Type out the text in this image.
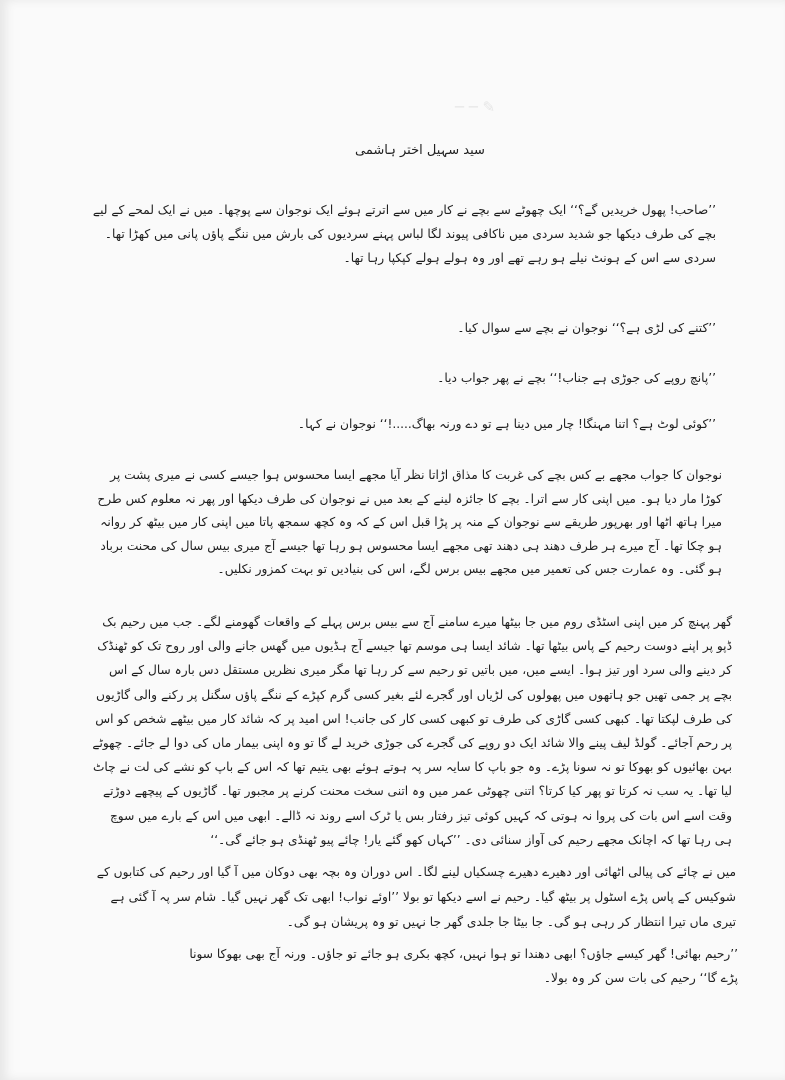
✎ ─ ─
سید سہیل اختر ہاشمی
’’صاحب! پھول خریدیں گے؟‘‘ ایک چھوٹے سے بچے نے کار میں سے اترتے ہوئے ایک نوجوان سے پوچھا۔ میں نے ایک لمحے کے لیے بچے کی طرف دیکھا جو شدید سردی میں ناکافی پیوند لگا لباس پہنے سردیوں کی بارش میں ننگے پاؤں پانی میں کھڑا تھا۔ سردی سے اس کے ہونٹ نیلے ہو رہے تھے اور وہ ہولے ہولے کپکپا رہا تھا۔
’’کتنے کی لڑی ہے؟‘‘ نوجوان نے بچے سے سوال کیا۔
’’پانچ روپے کی جوڑی ہے جناب!‘‘ بچے نے پھر جواب دیا۔
’’کوئی لوٹ ہے؟ اتنا مہنگا! چار میں دینا ہے تو دے ورنہ بھاگ.....!‘‘ نوجوان نے کہا۔
نوجوان کا جواب مجھے بے کس بچے کی غربت کا مذاق اڑاتا نظر آیا مجھے ایسا محسوس ہوا جیسے کسی نے میری پشت پر کوڑا مار دیا ہو۔ میں اپنی کار سے اترا۔ بچے کا جائزہ لینے کے بعد میں نے نوجوان کی طرف دیکھا اور پھر نہ معلوم کس طرح میرا ہاتھ اٹھا اور بھرپور طریقے سے نوجوان کے منہ پر پڑا قبل اس کے کہ وہ کچھ سمجھ پاتا میں اپنی کار میں بیٹھ کر روانہ ہو چکا تھا۔ آج میرے ہر طرف دھند ہی دھند تھی مجھے ایسا محسوس ہو رہا تھا جیسے آج میری بیس سال کی محنت برباد ہو گئی۔ وہ عمارت جس کی تعمیر میں مجھے بیس برس لگے، اس کی بنیادیں تو بہت کمزور نکلیں۔
گھر پہنچ کر میں اپنی اسٹڈی روم میں جا بیٹھا میرے سامنے آج سے بیس برس پہلے کے واقعات گھومنے لگے۔ جب میں رحیم بک ڈپو پر اپنے دوست رحیم کے پاس بیٹھا تھا۔ شائد ایسا ہی موسم تھا جیسے آج ہڈیوں میں گھس جانے والی اور روح تک کو ٹھنڈک کر دینے والی سرد اور تیز ہوا۔ ایسے میں، میں باتیں تو رحیم سے کر رہا تھا مگر میری نظریں مستقل دس بارہ سال کے اس بچے پر جمی تھیں جو ہاتھوں میں پھولوں کی لڑیاں اور گجرے لئے بغیر کسی گرم کپڑے کے ننگے پاؤں سگنل پر رکنے والی گاڑیوں کی طرف لپکتا تھا۔ کبھی کسی گاڑی کی طرف تو کبھی کسی کار کی جانب! اس امید پر کہ شائد کار میں بیٹھے شخص کو اس پر رحم آجائے۔ گولڈ لیف پینے والا شائد ایک دو روپے کی گجرے کی جوڑی خرید لے گا تو وہ اپنی بیمار ماں کی دوا لے جائے۔ چھوٹے بہن بھائیوں کو بھوکا تو نہ سونا پڑے۔ وہ جو باپ کا سایہ سر پہ ہوتے ہوئے بھی یتیم تھا کہ اس کے باپ کو نشے کی لت نے چاٹ لیا تھا۔ یہ سب نہ کرتا تو پھر کیا کرتا؟ اتنی چھوٹی عمر میں وہ اتنی سخت محنت کرنے پر مجبور تھا۔ گاڑیوں کے پیچھے دوڑتے وقت اسے اس بات کی پروا نہ ہوتی کہ کہیں کوئی تیز رفتار بس یا ٹرک اسے روند نہ ڈالے۔ ابھی میں اس کے بارے میں سوچ ہی رہا تھا کہ اچانک مجھے رحیم کی آواز سنائی دی۔ ’’کہاں کھو گئے یار! چائے پیو ٹھنڈی ہو جائے گی۔‘‘
میں نے چائے کی پیالی اٹھائی اور دھیرے دھیرے چسکیاں لینے لگا۔ اس دوران وہ بچہ بھی دوکان میں آ گیا اور رحیم کی کتابوں کے شوکیس کے پاس پڑے اسٹول پر بیٹھ گیا۔ رحیم نے اسے دیکھا تو بولا ’’اوئے نواب! ابھی تک گھر نہیں گیا۔ شام سر پہ آ گئی ہے تیری ماں تیرا انتظار کر رہی ہو گی۔ جا بیٹا جا جلدی گھر جا نہیں تو وہ پریشان ہو گی۔
’’رحیم بھائی! گھر کیسے جاؤں؟ ابھی دھندا تو ہوا نہیں، کچھ بکری ہو جائے تو جاؤں۔ ورنہ آج بھی بھوکا سونا پڑے گا‘‘ رحیم کی بات سن کر وہ بولا۔
